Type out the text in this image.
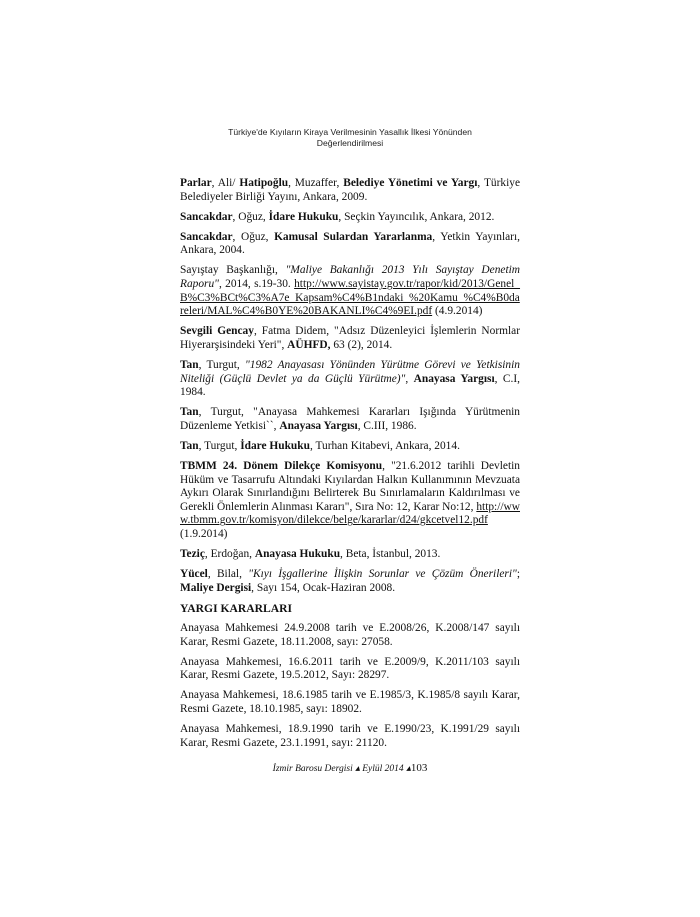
Türkiye'de Kıyıların Kiraya Verilmesinin Yasallık İlkesi Yönünden
Değerlendirilmesi
Parlar, Ali/ Hatipoğlu, Muzaffer, Belediye Yönetimi ve Yargı, Türkiye Belediyeler Birliği Yayını, Ankara, 2009.
Sancakdar, Oğuz, İdare Hukuku, Seçkin Yayıncılık, Ankara, 2012.
Sancakdar, Oğuz, Kamusal Sulardan Yararlanma, Yetkin Yayınları, Ankara, 2004.
Sayıştay Başkanlığı, "Maliye Bakanlığı 2013 Yılı Sayıştay Denetim Raporu", 2014, s.19-30. http://www.sayistay.gov.tr/rapor/kid/2013/Genel_B%C3%BCt%C3%A7e_Kapsam%C4%B1ndaki_%20Kamu_%C4%B0dareleri/MAL%C4%B0YE%20BAKANLI%C4%9EI.pdf (4.9.2014)
Sevgili Gencay, Fatma Didem, "Adsız Düzenleyici İşlemlerin Normlar Hiyerarşisindeki Yeri", AÜHFD, 63 (2), 2014.
Tan, Turgut, "1982 Anayasası Yönünden Yürütme Görevi ve Yetkisinin Niteliği (Güçlü Devlet ya da Güçlü Yürütme)", Anayasa Yargısı, C.I, 1984.
Tan, Turgut, "Anayasa Mahkemesi Kararları Işığında Yürütmenin Düzenleme Yetkisi``, Anayasa Yargısı, C.III, 1986.
Tan, Turgut, İdare Hukuku, Turhan Kitabevi, Ankara, 2014.
TBMM 24. Dönem Dilekçe Komisyonu, "21.6.2012 tarihli Devletin Hüküm ve Tasarrufu Altındaki Kıyılardan Halkın Kullanımının Mevzuata Aykırı Olarak Sınırlandığını Belirterek Bu Sınırlamaların Kaldırılması ve Gerekli Önlemlerin Alınması Kararı", Sıra No: 12, Karar No:12, http://www.tbmm.gov.tr/komisyon/dilekce/belge/kararlar/d24/gkcetvel12.pdf (1.9.2014)
Teziç, Erdoğan, Anayasa Hukuku, Beta, İstanbul, 2013.
Yücel, Bilal, "Kıyı İşgallerine İlişkin Sorunlar ve Çözüm Önerileri"; Maliye Dergisi, Sayı 154, Ocak-Haziran 2008.
YARGI KARARLARI
Anayasa Mahkemesi 24.9.2008 tarih ve E.2008/26, K.2008/147 sayılı Karar, Resmi Gazete, 18.11.2008, sayı: 27058.
Anayasa Mahkemesi, 16.6.2011 tarih ve E.2009/9, K.2011/103 sayılı Karar, Resmi Gazete, 19.5.2012, Sayı: 28297.
Anayasa Mahkemesi, 18.6.1985 tarih ve E.1985/3, K.1985/8 sayılı Karar, Resmi Gazete, 18.10.1985, sayı: 18902.
Anayasa Mahkemesi, 18.9.1990 tarih ve E.1990/23, K.1991/29 sayılı Karar, Resmi Gazete, 23.1.1991, sayı: 21120.
İzmir Barosu Dergisi ▴ Eylül 2014 ▴103
